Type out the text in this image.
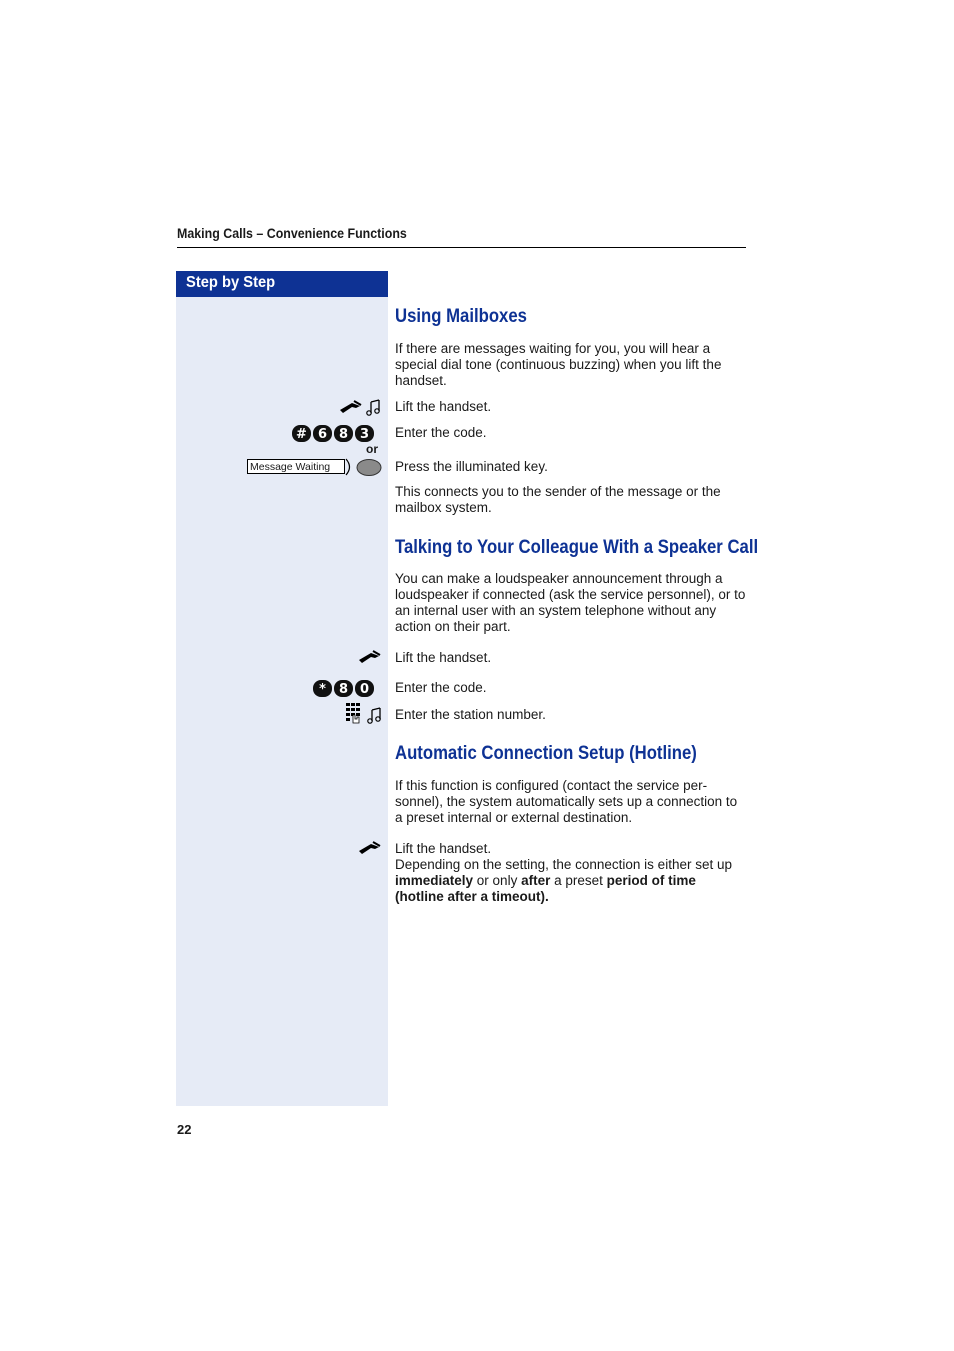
Making Calls – Convenience Functions
Step by Step
Using Mailboxes

If there are messages waiting for you, you will hear a special dial tone (continuous buzzing) when you lift the handset.

Lift the handset.

# 6 8 3	Enter the code.

or
Message Waiting	Press the illuminated key.

This connects you to the sender of the message or the mailbox system.

Talking to Your Colleague With a Speaker Call

You can make a loudspeaker announcement through a loudspeaker if connected (ask the service personnel), or to an internal user with an system telephone without any action on their part.

Lift the handset.

*	8 0	Enter the code.

Enter the station number.

Automatic Connection Setup (Hotline)

If this function is configured (contact the service per-sonnel), the system automatically sets up a connection to a preset internal or external destination.

Lift the handset.

Depending on the setting, the connection is either set up immediately or only after a preset period of time (hotline after a timeout).

22
